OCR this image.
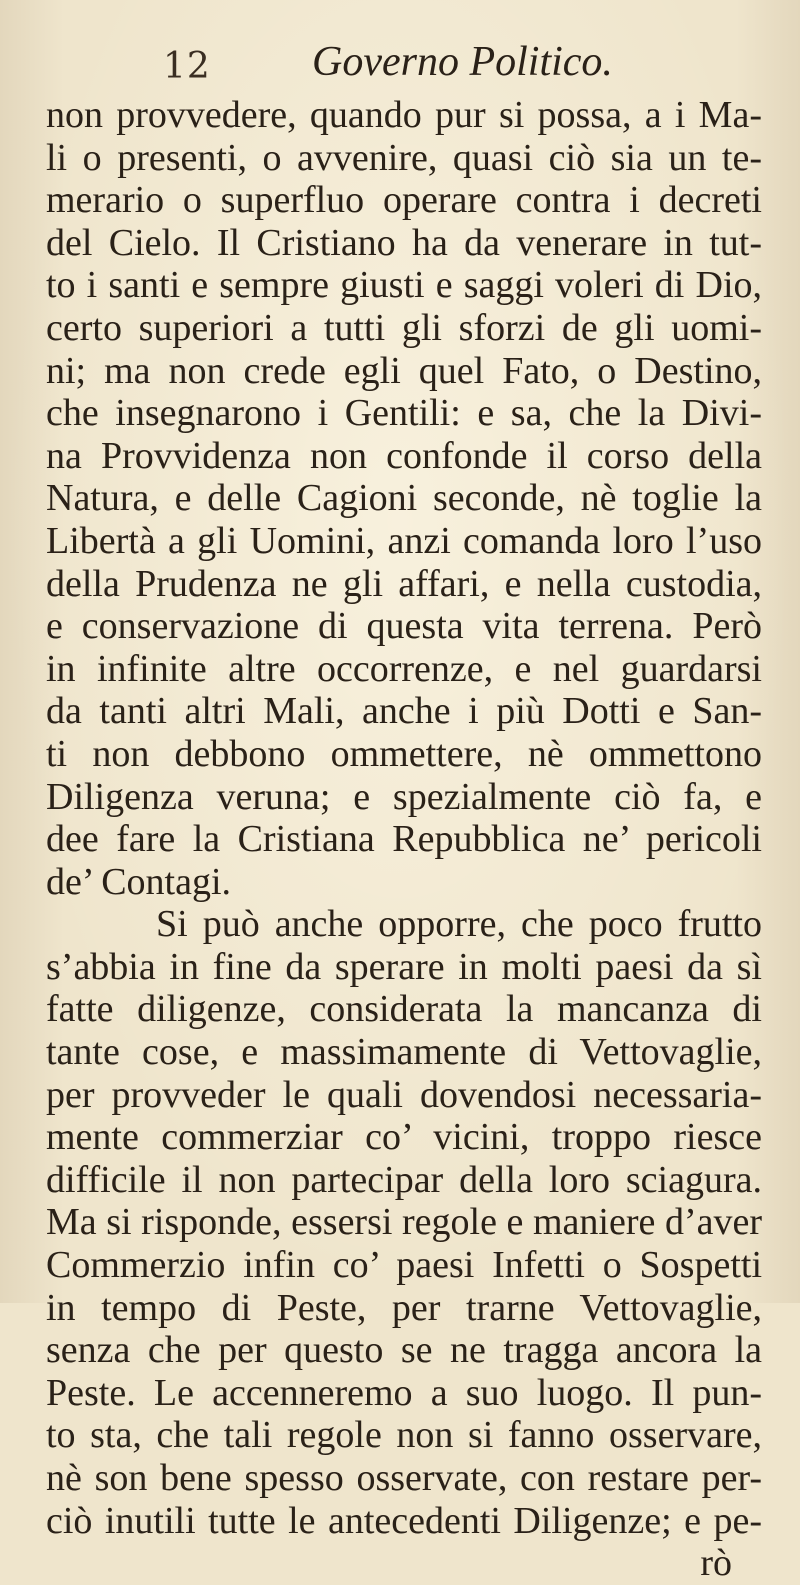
12 Governo Politico.
non provvedere, quando pur si possa, a i Ma-
li o presenti, o avvenire, quasi ciò sia un te-
merario o superfluo operare contra i decreti
del Cielo. Il Cristiano ha da venerare in tut-
to i santi e sempre giusti e saggi voleri di Dio,
certo superiori a tutti gli sforzi de gli uomi-
ni; ma non crede egli quel Fato, o Destino,
che insegnarono i Gentili: e sa, che la Divi-
na Provvidenza non confonde il corso della
Natura, e delle Cagioni seconde, nè toglie la
Libertà a gli Uomini, anzi comanda loro l’uso
della Prudenza ne gli affari, e nella custodia,
e conservazione di questa vita terrena. Però
in infinite altre occorrenze, e nel guardarsi
da tanti altri Mali, anche i più Dotti e San-
ti non debbono ommettere, nè ommettono
Diligenza veruna; e spezialmente ciò fa, e
dee fare la Cristiana Repubblica ne’ pericoli
de’ Contagi.
Si può anche opporre, che poco frutto
s’abbia in fine da sperare in molti paesi da sì
fatte diligenze, considerata la mancanza di
tante cose, e massimamente di Vettovaglie,
per provveder le quali dovendosi necessaria-
mente commerziar co’ vicini, troppo riesce
difficile il non partecipar della loro sciagura.
Ma si risponde, essersi regole e maniere d’aver
Commerzio infin co’ paesi Infetti o Sospetti
in tempo di Peste, per trarne Vettovaglie,
senza che per questo se ne tragga ancora la
Peste. Le accenneremo a suo luogo. Il pun-
to sta, che tali regole non si fanno osservare,
nè son bene spesso osservate, con restare per-
ciò inutili tutte le antecedenti Diligenze; e pe-
rò
